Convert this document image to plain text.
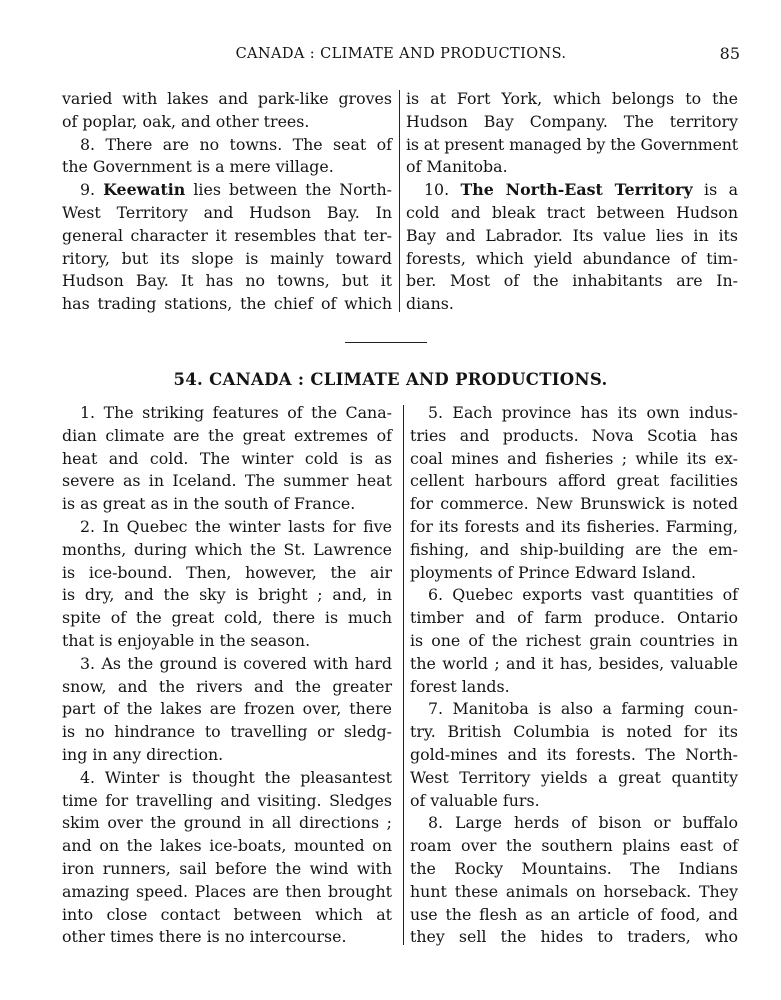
CANADA : CLIMATE AND PRODUCTIONS.	85
varied with lakes and park-like groves
of poplar, oak, and other trees.
8. There are no towns. The seat of
the Government is a mere village.
9. Keewatin lies between the North-
West Territory and Hudson Bay. In
general character it resembles that ter-
ritory, but its slope is mainly toward
Hudson Bay. It has no towns, but it
has trading stations, the chief of which
is at Fort York, which belongs to the
Hudson Bay Company. The territory
is at present managed by the Government
of Manitoba.
10. The North-East Territory is a
cold and bleak tract between Hudson
Bay and Labrador. Its value lies in its
forests, which yield abundance of tim-
ber. Most of the inhabitants are In-
dians.
54. CANADA : CLIMATE AND PRODUCTIONS.
1. The striking features of the Cana-
dian climate are the great extremes of
heat and cold. The winter cold is as
severe as in Iceland. The summer heat
is as great as in the south of France.
2. In Quebec the winter lasts for five
months, during which the St. Lawrence
is ice-bound. Then, however, the air
is dry, and the sky is bright ; and, in
spite of the great cold, there is much
that is enjoyable in the season.
3. As the ground is covered with hard
snow, and the rivers and the greater
part of the lakes are frozen over, there
is no hindrance to travelling or sledg-
ing in any direction.
4. Winter is thought the pleasantest
time for travelling and visiting. Sledges
skim over the ground in all directions ;
and on the lakes ice-boats, mounted on
iron runners, sail before the wind with
amazing speed. Places are then brought
into close contact between which at
other times there is no intercourse.
5. Each province has its own indus-
tries and products. Nova Scotia has
coal mines and fisheries ; while its ex-
cellent harbours afford great facilities
for commerce. New Brunswick is noted
for its forests and its fisheries. Farming,
fishing, and ship-building are the em-
ployments of Prince Edward Island.
6. Quebec exports vast quantities of
timber and of farm produce. Ontario
is one of the richest grain countries in
the world ; and it has, besides, valuable
forest lands.
7. Manitoba is also a farming coun-
try. British Columbia is noted for its
gold-mines and its forests. The North-
West Territory yields a great quantity
of valuable furs.
8. Large herds of bison or buffalo
roam over the southern plains east of
the Rocky Mountains. The Indians
hunt these animals on horseback. They
use the flesh as an article of food, and
they sell the hides to traders, who
